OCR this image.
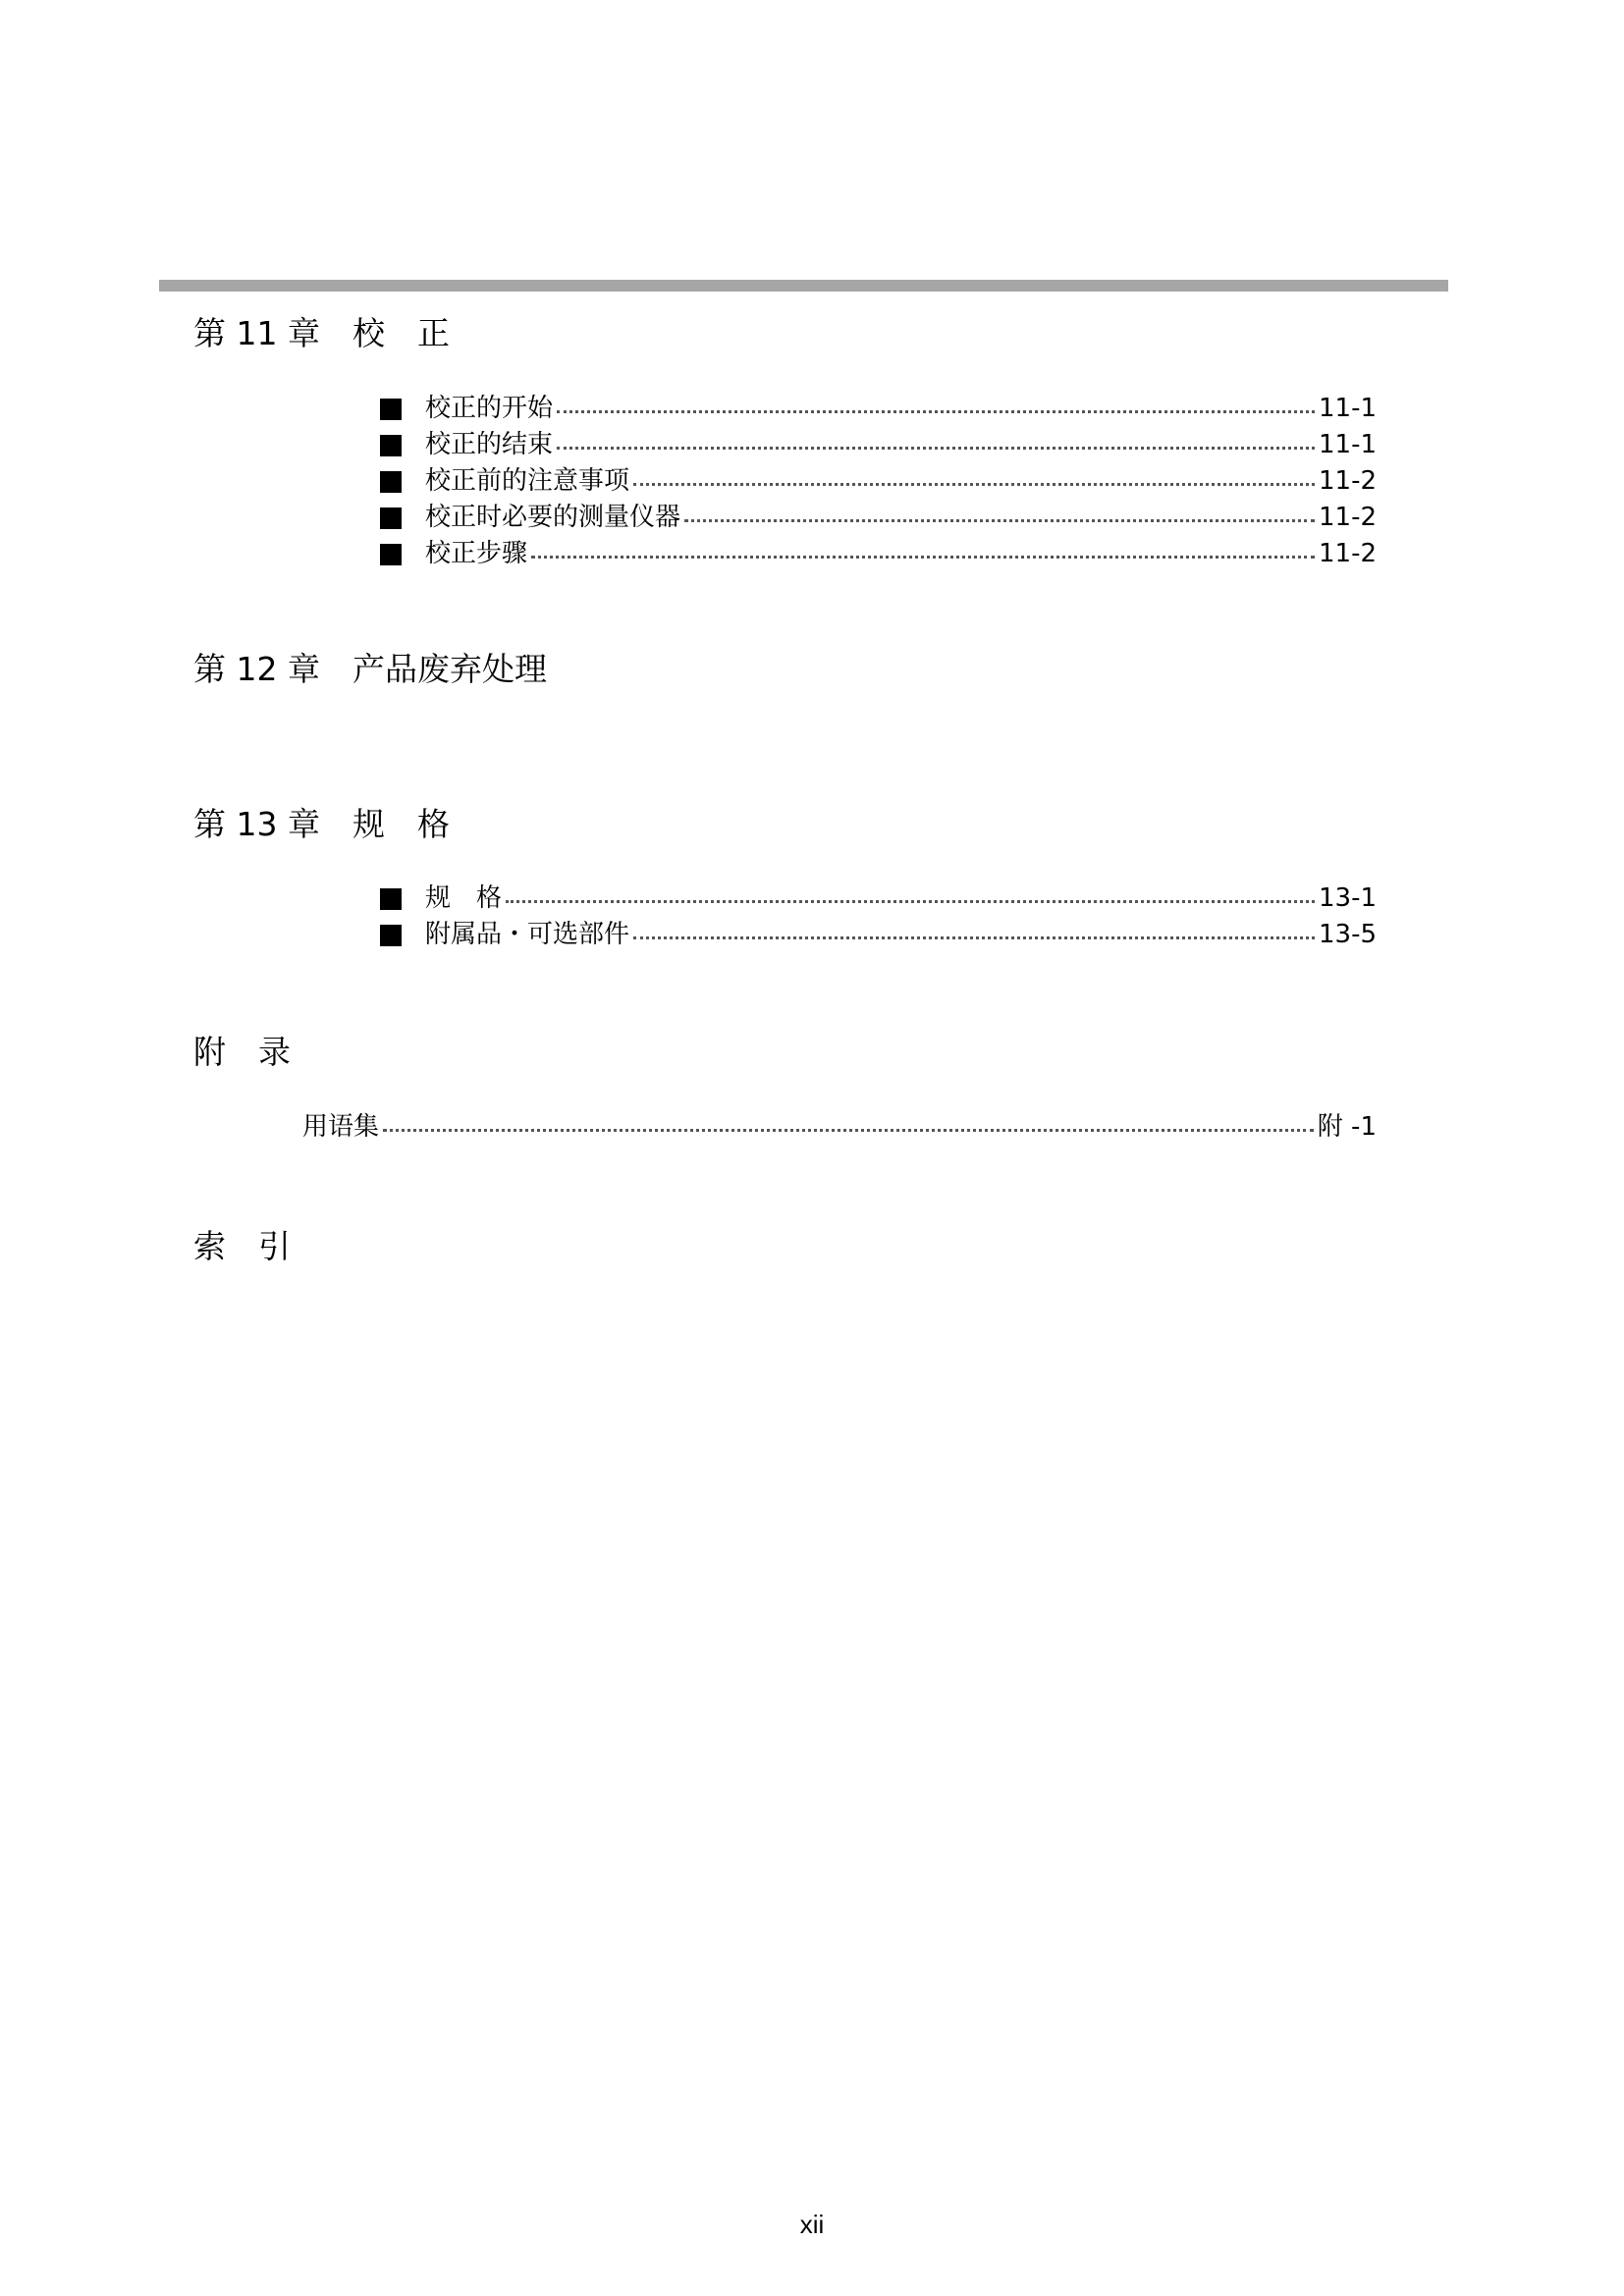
第 11 章　校　正
校正的开始	11-1
校正的结束	11-1
校正前的注意事项	11-2
校正时必要的测量仪器	11-2
校正步骤	11-2
第 12 章　产品废弃处理
第 13 章　规　格
规　格	13-1
附属品・可选部件	13-5
附　录
用语集	附 -1
索　引
xii
